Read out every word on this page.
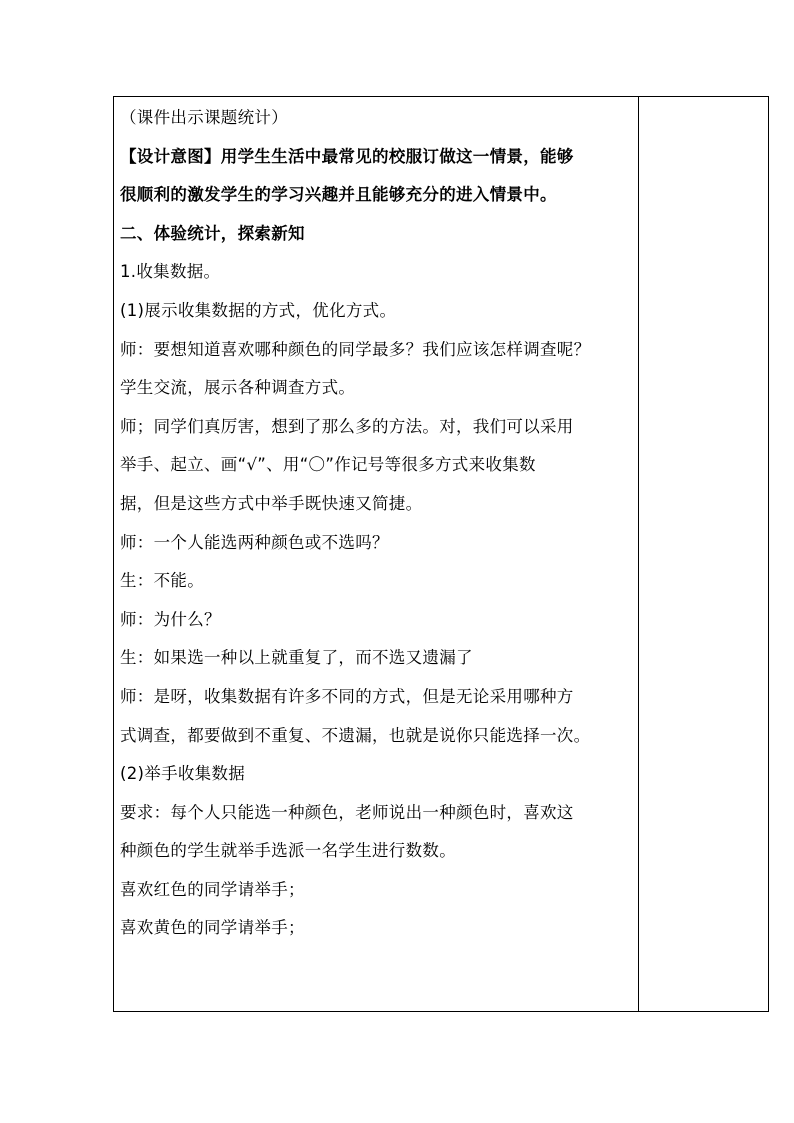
（课件出示课题统计）
【设计意图】用学生生活中最常见的校服订做这一情景，能够
很顺利的激发学生的学习兴趣并且能够充分的进入情景中。
二、体验统计，探索新知
1.收集数据。
(1)展示收集数据的方式，优化方式。
师：要想知道喜欢哪种颜色的同学最多？我们应该怎样调查呢？
学生交流，展示各种调查方式。
师；同学们真厉害，想到了那么多的方法。对，我们可以采用
举手、起立、画“√”、用“〇”作记号等很多方式来收集数
据，但是这些方式中举手既快速又简捷。
师：一个人能选两种颜色或不选吗？
生：不能。
师：为什么？
生：如果选一种以上就重复了，而不选又遗漏了
师：是呀，收集数据有许多不同的方式，但是无论采用哪种方
式调查，都要做到不重复、不遗漏，也就是说你只能选择一次。
(2)举手收集数据
要求：每个人只能选一种颜色，老师说出一种颜色时，喜欢这
种颜色的学生就举手选派一名学生进行数数。
喜欢红色的同学请举手；
喜欢黄色的同学请举手；
